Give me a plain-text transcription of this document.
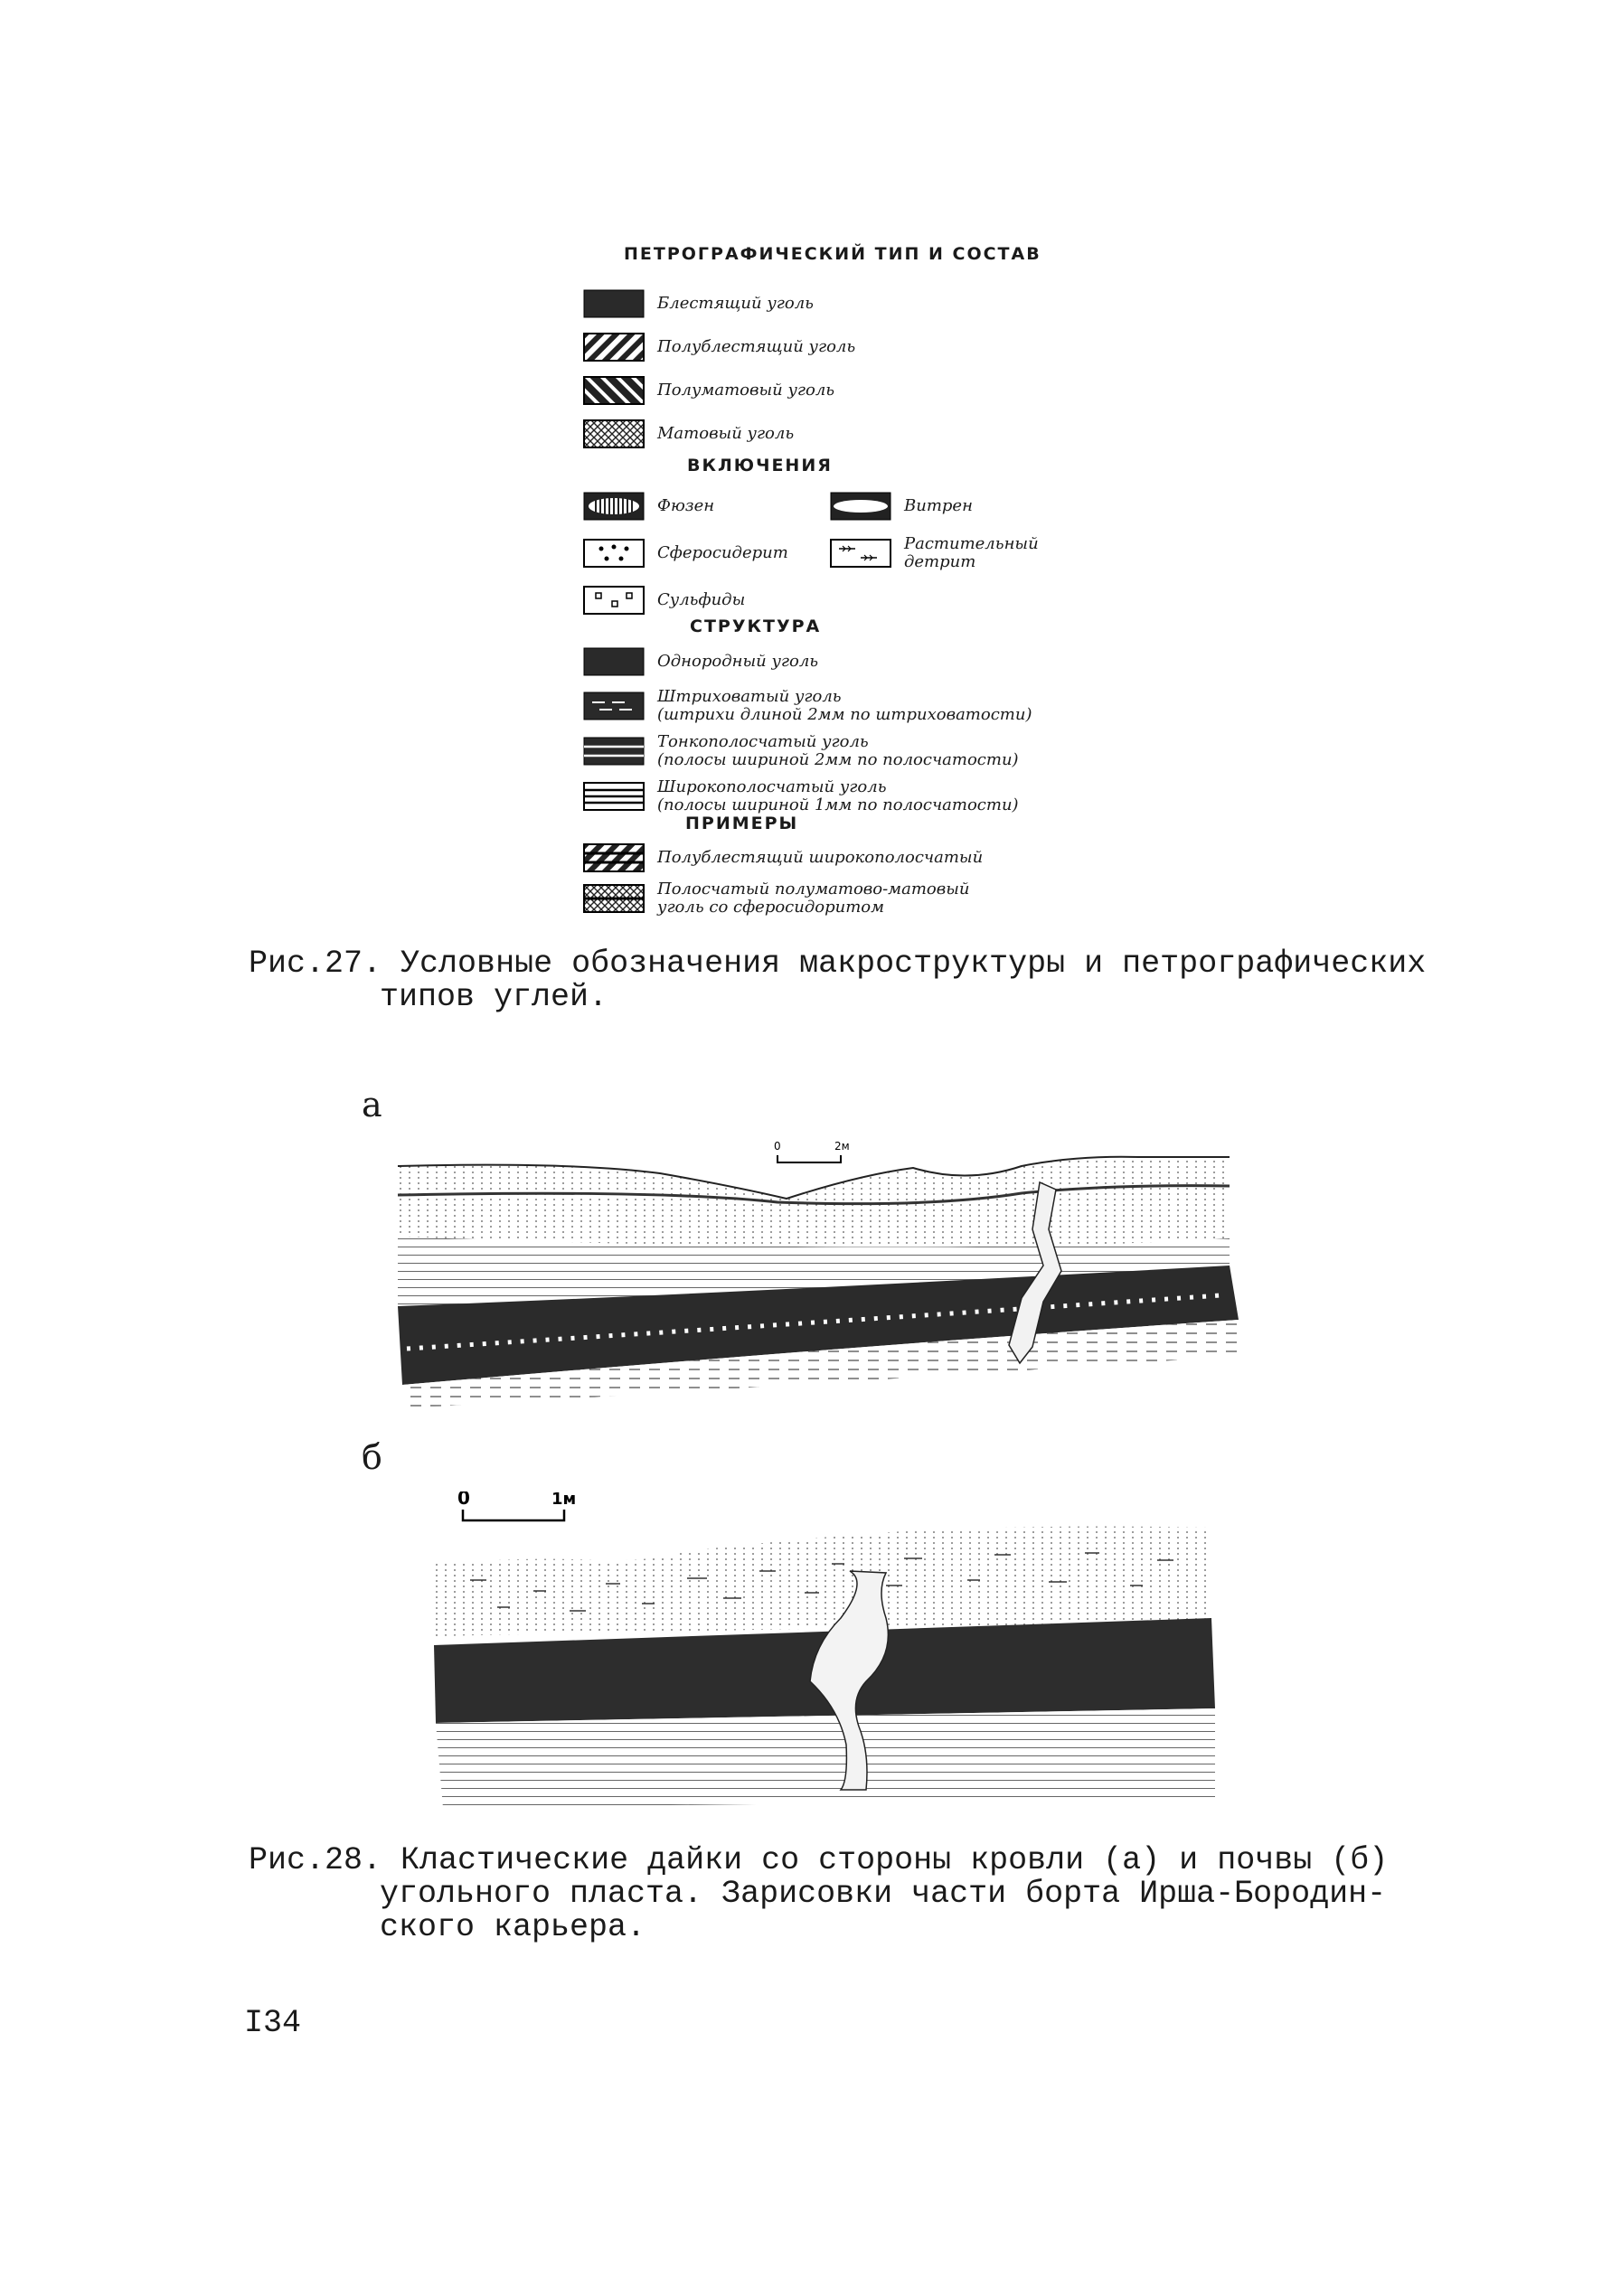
ПЕТРОГРАФИЧЕСКИЙ ТИП И СОСТАВ
Блестящий уголь
Полублестящий уголь
Полуматовый уголь
Матовый уголь
ВКЛЮЧЕНИЯ
Фюзен
Сферосидерит
Сульфиды
Витрен
Растительный детрит
СТРУКТУРА
Однородный уголь
Штриховатый уголь
(штрихи длиной 2мм по штриховатости)
Тонкополосчатый уголь
(полосы шириной 2мм по полосчатости)
Широкополосчатый уголь
(полосы шириной 1мм по полосчатости)
ПРИМЕРЫ
Полублестящий широкополосчатый
Полосчатый полуматово-матовый
уголь со сферосидоритом
Рис.27. Условные обозначения макроструктуры и петрографических
типов углей.
а
0	2м
б
0	1м
Рис.28. Кластические дайки со стороны кровли (а) и почвы (б)
угольного пласта. Зарисовки части борта Ирша-Бородин-
ского карьера.
I34
